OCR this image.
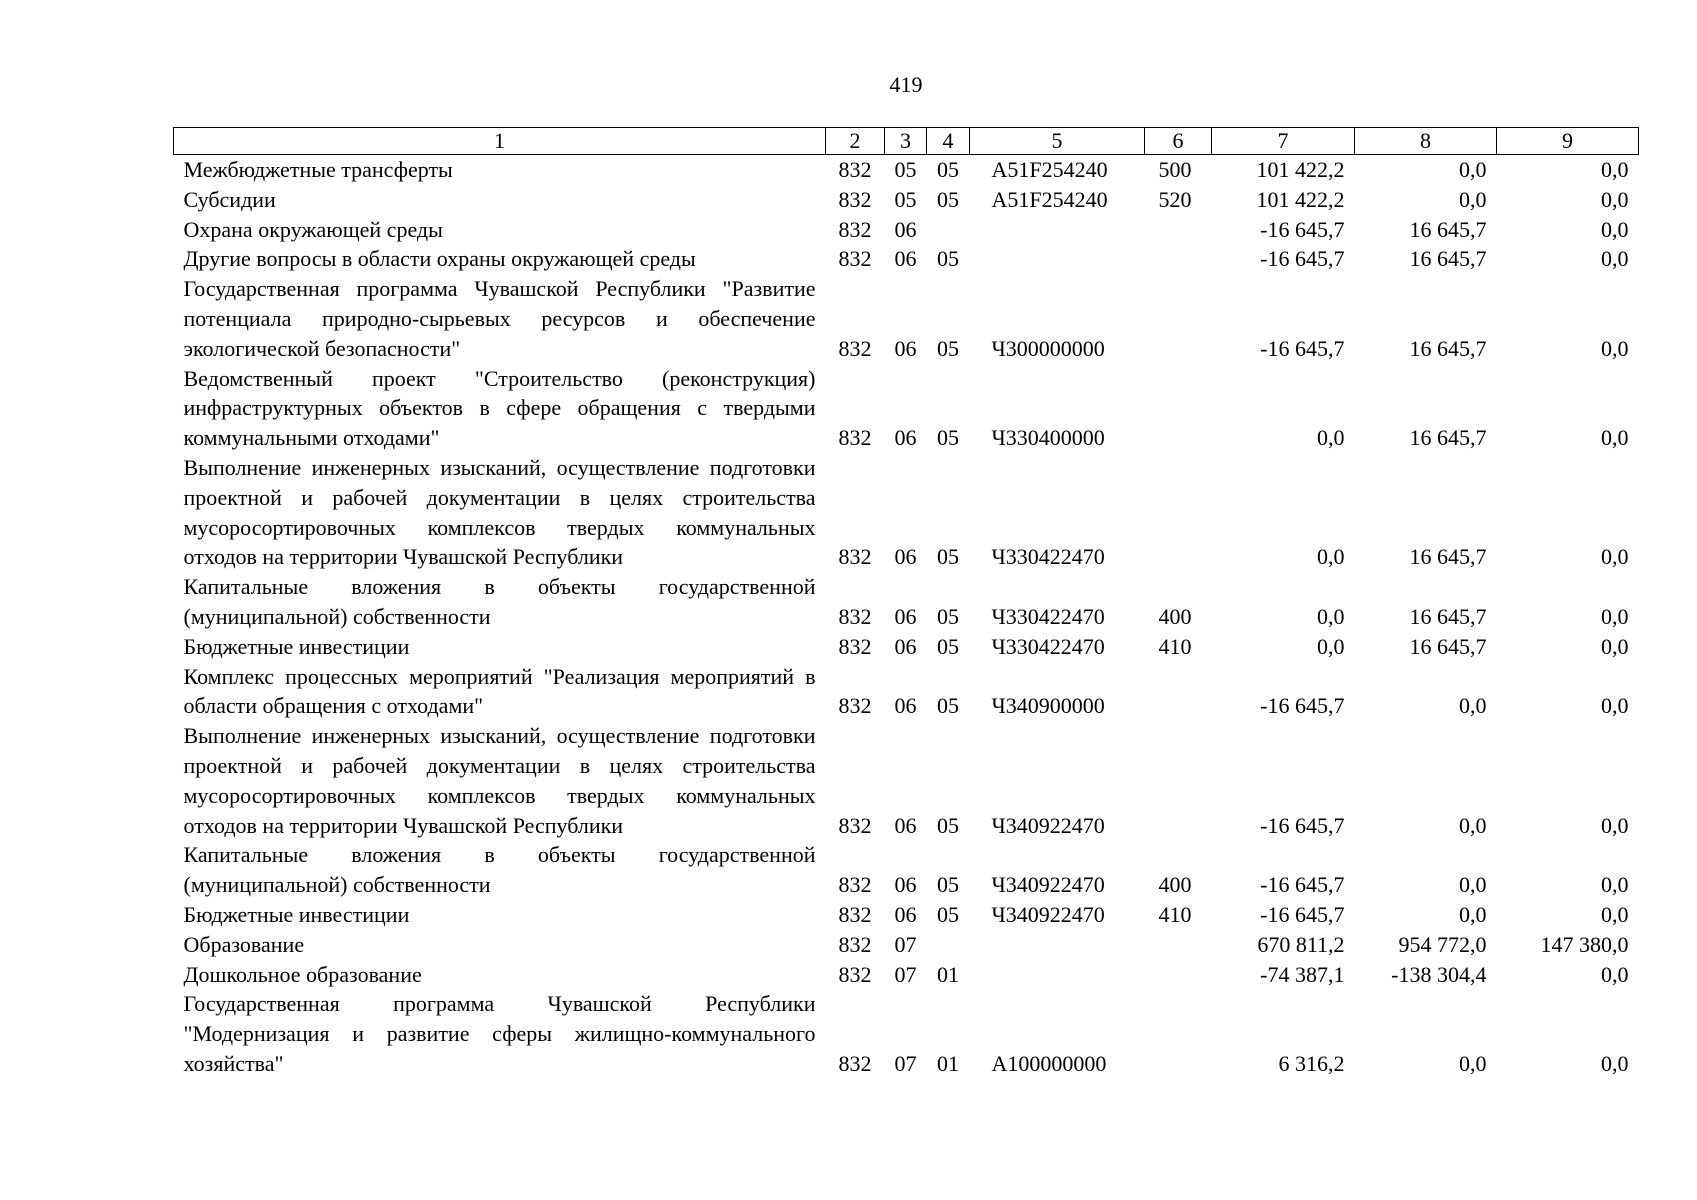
419
1	2	3	4	5	6	7	8	9
Межбюджетные трансферты	832	05	05	A51F254240	500	101 422,2	0,0	0,0
Субсидии	832	05	05	A51F254240	520	101 422,2	0,0	0,0
Охрана окружающей среды	832	06				-16 645,7	16 645,7	0,0
Другие вопросы в области охраны окружающей среды	832	06	05			-16 645,7	16 645,7	0,0
Государственная программа Чувашской Республики "Развитие потенциала природно-сырьевых ресурсов и обеспечение экологической безопасности"	832	06	05	Ч300000000		-16 645,7	16 645,7	0,0
Ведомственный проект "Строительство (реконструкция) инфраструктурных объектов в сфере обращения с твердыми коммунальными отходами"	832	06	05	Ч330400000		0,0	16 645,7	0,0
Выполнение инженерных изысканий, осуществление подготовки проектной и рабочей документации в целях строительства мусоросортировочных комплексов твердых коммунальных отходов на территории Чувашской Республики	832	06	05	Ч330422470		0,0	16 645,7	0,0
Капитальные вложения в объекты государственной (муниципальной) собственности	832	06	05	Ч330422470	400	0,0	16 645,7	0,0
Бюджетные инвестиции	832	06	05	Ч330422470	410	0,0	16 645,7	0,0
Комплекс процессных мероприятий "Реализация мероприятий в области обращения с отходами"	832	06	05	Ч340900000		-16 645,7	0,0	0,0
Выполнение инженерных изысканий, осуществление подготовки проектной и рабочей документации в целях строительства мусоросортировочных комплексов твердых коммунальных отходов на территории Чувашской Республики	832	06	05	Ч340922470		-16 645,7	0,0	0,0
Капитальные вложения в объекты государственной (муниципальной) собственности	832	06	05	Ч340922470	400	-16 645,7	0,0	0,0
Бюджетные инвестиции	832	06	05	Ч340922470	410	-16 645,7	0,0	0,0
Образование	832	07				670 811,2	954 772,0	147 380,0
Дошкольное образование	832	07	01			-74 387,1	-138 304,4	0,0
Государственная программа Чувашской Республики "Модернизация и развитие сферы жилищно-коммунального хозяйства"	832	07	01	A100000000		6 316,2	0,0	0,0
